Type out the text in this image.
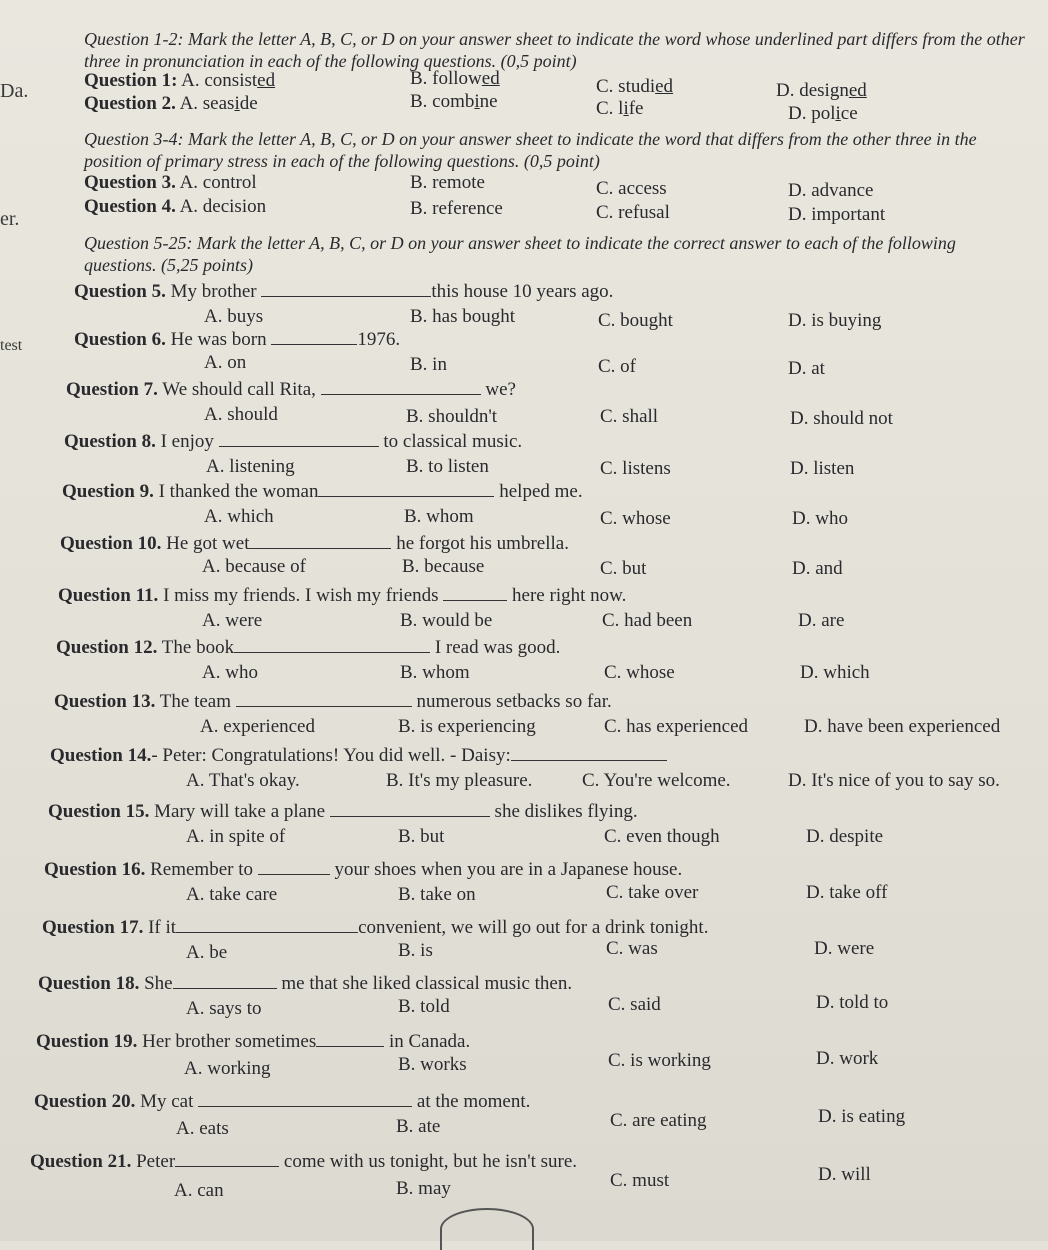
Da.
er.
test

Question 1-2: Mark the letter A, B, C, or D on your answer sheet to indicate the word whose underlined part differs from the other three in pronunciation in each of the following questions. (0,5 point)

Question 1: A. consisted	B. followed	C. studied	D. designed
Question 2. A. seaside	B. combine	C. life	D. police

Question 3-4: Mark the letter A, B, C, or D on your answer sheet to indicate the word that differs from the other three in the position of primary stress in each of the following questions. (0,5 point)

Question 3. A. control	B. remote	C. access	D. advance
Question 4. A. decision	B. reference	C. refusal	D. important

Question 5-25: Mark the letter A, B, C, or D on your answer sheet to indicate the correct answer to each of the following questions. (5,25 points)

Question 5. My brother	this house 10 years ago.
A. buys	B. has bought	C. bought	D. is buying
Question 6. He was born	1976.
A. on	B. in	C. of	D. at
Question 7. We should call Rita,	we?
A. should	B. shouldn't	C. shall	D. should not
Question 8. I enjoy	to classical music.
A. listening	B. to listen	C. listens	D. listen
Question 9. I thanked the woman	helped me.
A. which	B. whom	C. whose	D. who
Question 10. He got wet	he forgot his umbrella.
A. because of	B. because	C. but	D. and
Question 11. I miss my friends. I wish my friends	here right now.
A. were	B. would be	C. had been	D. are
Question 12. The book	I read was good.
A. who	B. whom	C. whose	D. which
Question 13. The team	numerous setbacks so far.
A. experienced	B. is experiencing	C. has experienced	D. have been experienced
Question 14.- Peter: Congratulations! You did well. - Daisy:
A. That's okay.	B. It's my pleasure.	C. You're welcome.	D. It's nice of you to say so.
Question 15. Mary will take a plane	she dislikes flying.
A. in spite of	B. but	C. even though	D. despite
Question 16. Remember to	your shoes when you are in a Japanese house.
A. take care	B. take on	C. take over	D. take off
Question 17. If it	convenient, we will go out for a drink tonight.
A. be	B. is	C. was	D. were
Question 18. She	me that she liked classical music then.
A. says to	B. told	C. said	D. told to
Question 19. Her brother sometimes	in Canada.
A. working	B. works	C. is working	D. work
Question 20. My cat	at the moment.
A. eats	B. ate	C. are eating	D. is eating
Question 21. Peter	come with us tonight, but he isn't sure.
A. can	B. may	C. must	D. will
